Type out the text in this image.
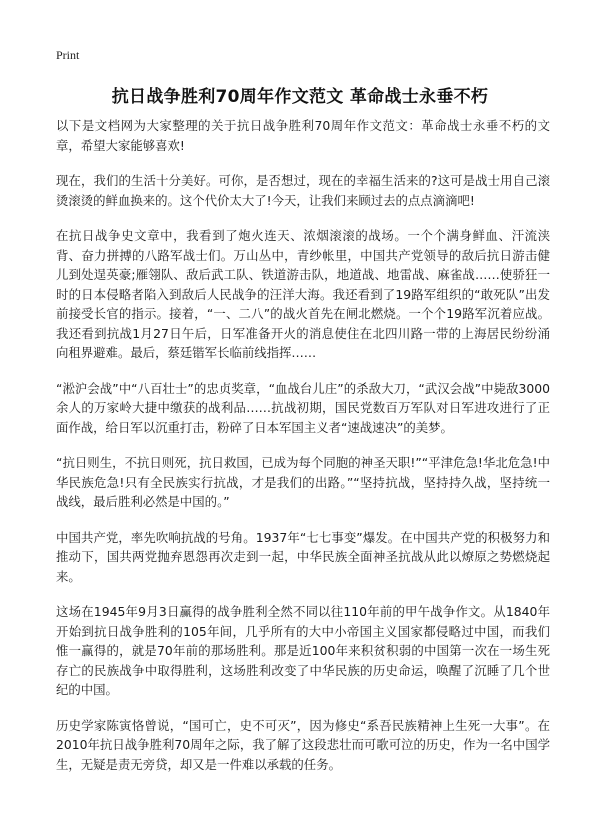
Print
抗日战争胜利70周年作文范文 革命战士永垂不朽

以下是文档网为大家整理的关于抗日战争胜利70周年作文范文：革命战士永垂不朽的文章，希望大家能够喜欢!

现在，我们的生活十分美好。可你，是否想过，现在的幸福生活来的?这可是战士用自己滚烫滚烫的鲜血换来的。这个代价太大了!今天，让我们来顾过去的点点滴滴吧!

在抗日战争史文章中，我看到了炮火连天、浓烟滚滚的战场。一个个满身鲜血、汗流浃背、奋力拼搏的八路军战士们。万山丛中，青纱帐里，中国共产党领导的敌后抗日游击健儿到处逞英豪;雁翎队、敌后武工队、铁道游击队，地道战、地雷战、麻雀战……使骄狂一时的日本侵略者陷入到敌后人民战争的汪洋大海。我还看到了19路军组织的“敢死队”出发前接受长官的指示。接着，“一、二八”的战火首先在闸北燃烧。一个个19路军沉着应战。我还看到抗战1月27日午后，日军准备开火的消息使住在北四川路一带的上海居民纷纷涌向租界避难。最后，蔡廷锴军长临前线指挥……

“淞沪会战”中“八百壮士”的忠贞奖章，“血战台儿庄”的杀敌大刀，“武汉会战”中毙敌3000余人的万家岭大捷中缴获的战利品……抗战初期，国民党数百万军队对日军进攻进行了正面作战，给日军以沉重打击，粉碎了日本军国主义者“速战速决”的美梦。

“抗日则生，不抗日则死，抗日救国，已成为每个同胞的神圣天职!”“平津危急!华北危急!中华民族危急!只有全民族实行抗战，才是我们的出路。”“坚持抗战，坚持持久战，坚持统一战线，最后胜利必然是中国的。”

中国共产党，率先吹响抗战的号角。1937年“七七事变”爆发。在中国共产党的积极努力和推动下，国共两党抛弃恩怨再次走到一起，中华民族全面神圣抗战从此以燎原之势燃烧起来。

这场在1945年9月3日赢得的战争胜利全然不同以往110年前的甲午战争作文。从1840年开始到抗日战争胜利的105年间，几乎所有的大中小帝国主义国家都侵略过中国，而我们惟一赢得的，就是70年前的那场胜利。那是近100年来积贫积弱的中国第一次在一场生死存亡的民族战争中取得胜利，这场胜利改变了中华民族的历史命运，唤醒了沉睡了几个世纪的中国。

历史学家陈寅恪曾说，“国可亡，史不可灭”，因为修史“系吾民族精神上生死一大事”。在2010年抗日战争胜利70周年之际，我了解了这段悲壮而可歌可泣的历史，作为一名中国学生，无疑是责无旁贷，却又是一件难以承载的任务。
